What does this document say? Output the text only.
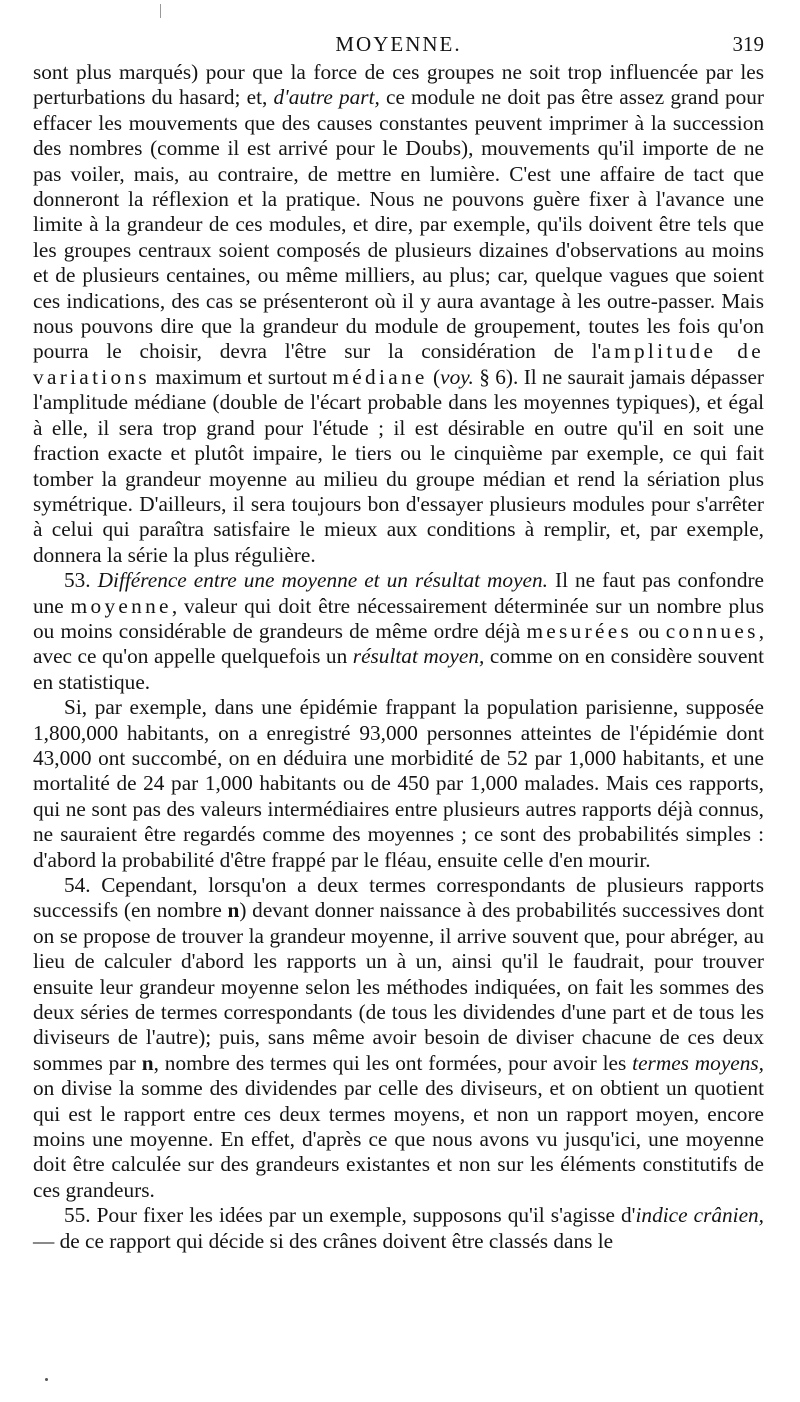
MOYENNE.	319

sont plus marqués) pour que la force de ces groupes ne soit trop influencée par les perturbations du hasard; et, d'autre part, ce module ne doit pas être assez grand pour effacer les mouvements que des causes constantes peuvent imprimer à la succession des nombres (comme il est arrivé pour le Doubs), mouvements qu'il importe de ne pas voiler, mais, au contraire, de mettre en lumière. C'est une affaire de tact que donneront la réflexion et la pratique. Nous ne pouvons guère fixer à l'avance une limite à la grandeur de ces modules, et dire, par exemple, qu'ils doivent être tels que les groupes centraux soient composés de plusieurs dizaines d'observations au moins et de plusieurs centaines, ou même milliers, au plus; car, quelque vagues que soient ces indications, des cas se présenteront où il y aura avantage à les outre-passer. Mais nous pouvons dire que la grandeur du module de groupement, toutes les fois qu'on pourra le choisir, devra l'être sur la considération de l'amplitude de variations maximum et surtout médiane (voy. § 6). Il ne saurait jamais dépasser l'amplitude médiane (double de l'écart probable dans les moyennes typiques), et égal à elle, il sera trop grand pour l'étude ; il est désirable en outre qu'il en soit une fraction exacte et plutôt impaire, le tiers ou le cinquième par exemple, ce qui fait tomber la grandeur moyenne au milieu du groupe médian et rend la sériation plus symétrique. D'ailleurs, il sera toujours bon d'essayer plusieurs modules pour s'arrêter à celui qui paraîtra satisfaire le mieux aux conditions à remplir, et, par exemple, donnera la série la plus régulière.

53. Différence entre une moyenne et un résultat moyen. Il ne faut pas confondre une moyenne, valeur qui doit être nécessairement déterminée sur un nombre plus ou moins considérable de grandeurs de même ordre déjà mesurées ou connues, avec ce qu'on appelle quelquefois un résultat moyen, comme on en considère souvent en statistique.

Si, par exemple, dans une épidémie frappant la population parisienne, supposée 1,800,000 habitants, on a enregistré 93,000 personnes atteintes de l'épidémie dont 43,000 ont succombé, on en déduira une morbidité de 52 par 1,000 habitants, et une mortalité de 24 par 1,000 habitants ou de 450 par 1,000 malades. Mais ces rapports, qui ne sont pas des valeurs intermédiaires entre plusieurs autres rapports déjà connus, ne sauraient être regardés comme des moyennes ; ce sont des probabilités simples : d'abord la probabilité d'être frappé par le fléau, ensuite celle d'en mourir.

54. Cependant, lorsqu'on a deux termes correspondants de plusieurs rapports successifs (en nombre n) devant donner naissance à des probabilités successives dont on se propose de trouver la grandeur moyenne, il arrive souvent que, pour abréger, au lieu de calculer d'abord les rapports un à un, ainsi qu'il le faudrait, pour trouver ensuite leur grandeur moyenne selon les méthodes indiquées, on fait les sommes des deux séries de termes correspondants (de tous les dividendes d'une part et de tous les diviseurs de l'autre); puis, sans même avoir besoin de diviser chacune de ces deux sommes par n, nombre des termes qui les ont formées, pour avoir les termes moyens, on divise la somme des dividendes par celle des diviseurs, et on obtient un quotient qui est le rapport entre ces deux termes moyens, et non un rapport moyen, encore moins une moyenne. En effet, d'après ce que nous avons vu jusqu'ici, une moyenne doit être calculée sur des grandeurs existantes et non sur les éléments constitutifs de ces grandeurs.

55. Pour fixer les idées par un exemple, supposons qu'il s'agisse d'indice crânien, — de ce rapport qui décide si des crânes doivent être classés dans le
